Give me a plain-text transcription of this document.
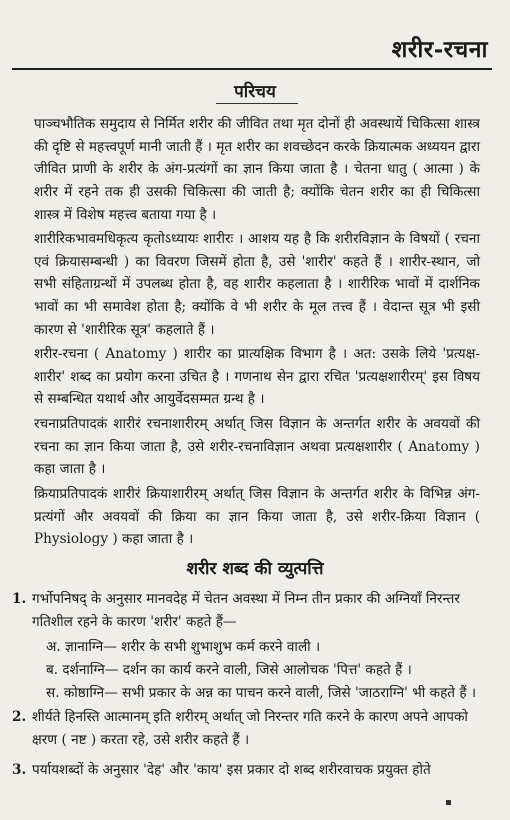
शरीर-रचना
परिचय
पाञ्चभौतिक समुदाय से निर्मित शरीर की जीवित तथा मृत दोनों ही अवस्थायें चिकित्सा शास्त्र की दृष्टि से महत्त्वपूर्ण मानी जाती हैं । मृत शरीर का शवच्छेदन करके क्रियात्मक अध्ययन द्वारा जीवित प्राणी के शरीर के अंग-प्रत्यंगों का ज्ञान किया जाता है । चेतना धातु ( आत्मा ) के शरीर में रहने तक ही उसकी चिकित्सा की जाती है; क्योंकि चेतन शरीर का ही चिकित्सा शास्त्र में विशेष महत्त्व बताया गया है ।
शारीरिकभावमधिकृत्य कृतोऽध्यायः शारीरः । आशय यह है कि शरीरविज्ञान के विषयों ( रचना एवं क्रियासम्बन्धी ) का विवरण जिसमें होता है, उसे 'शारीर' कहते हैं । शारीर-स्थान, जो सभी संहिताग्रन्थों में उपलब्ध होता है, वह शारीर कहलाता है । शारीरिक भावों में दार्शनिक भावों का भी समावेश होता है; क्योंकि वे भी शरीर के मूल तत्त्व हैं । वेदान्त सूत्र भी इसी कारण से 'शारीरिक सूत्र' कहलाते हैं ।
शरीर-रचना ( Anatomy ) शारीर का प्रात्यक्षिक विभाग है । अत: उसके लिये 'प्रत्यक्ष-शारीर' शब्द का प्रयोग करना उचित है । गणनाथ सेन द्वारा रचित 'प्रत्यक्षशारीरम्' इस विषय से सम्बन्धित यथार्थ और आयुर्वेदसम्मत ग्रन्थ है ।
रचनाप्रतिपादकं शारीरं रचनाशारीरम् अर्थात् जिस विज्ञान के अन्तर्गत शरीर के अवयवों की रचना का ज्ञान किया जाता है, उसे शरीर-रचनाविज्ञान अथवा प्रत्यक्षशारीर ( Anatomy ) कहा जाता है ।
क्रियाप्रतिपादकं शारीरं क्रियाशारीरम् अर्थात् जिस विज्ञान के अन्तर्गत शरीर के विभिन्न अंग-प्रत्यंगों और अवयवों की क्रिया का ज्ञान किया जाता है, उसे शरीर-क्रिया विज्ञान ( Physiology ) कहा जाता है ।
शरीर शब्द की व्युत्पत्ति
1. गर्भोपनिषद् के अनुसार मानवदेह में चेतन अवस्था में निम्न तीन प्रकार की अग्नियाँ निरन्तर गतिशील रहने के कारण 'शरीर' कहते हैं—
अ. ज्ञानाग्नि— शरीर के सभी शुभाशुभ कर्म करने वाली ।
ब. दर्शनाग्नि— दर्शन का कार्य करने वाली, जिसे आलोचक 'पित्त' कहते हैं ।
स. कोष्ठाग्नि— सभी प्रकार के अन्न का पाचन करने वाली, जिसे 'जाठराग्नि' भी कहते हैं ।
2. शीर्यते हिनस्ति आत्मानम् इति शरीरम् अर्थात् जो निरन्तर गति करने के कारण अपने आपको क्षरण ( नष्ट ) करता रहे, उसे शरीर कहते हैं ।
3. पर्यायशब्दों के अनुसार 'देह' और 'काय' इस प्रकार दो शब्द शरीरवाचक प्रयुक्त होते
